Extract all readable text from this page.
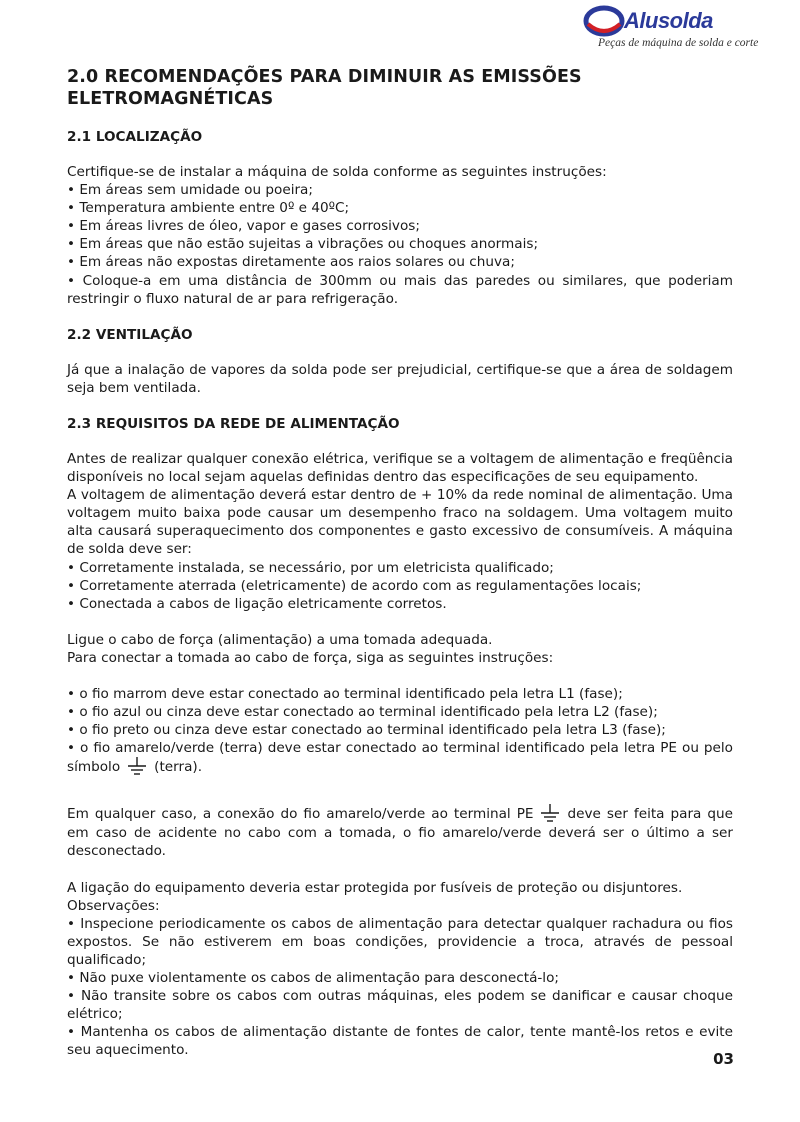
Alusolda
Peças de máquina de solda e corte
2.0 RECOMENDAÇÕES PARA DIMINUIR AS EMISSÕES ELETROMAGNÉTICAS
2.1 LOCALIZAÇÃO

Certifique-se de instalar a máquina de solda conforme as seguintes instruções:

• Em áreas sem umidade ou poeira;

• Temperatura ambiente entre 0º e 40ºC;

• Em áreas livres de óleo, vapor e gases corrosivos;

• Em áreas que não estão sujeitas a vibrações ou choques anormais;

• Em áreas não expostas diretamente aos raios solares ou chuva;

• Coloque-a em uma distância de 300mm ou mais das paredes ou similares, que poderiam restringir o fluxo natural de ar para refrigeração.

2.2 VENTILAÇÃO

Já que a inalação de vapores da solda pode ser prejudicial, certifique-se que a área de soldagem seja bem ventilada.

2.3 REQUISITOS DA REDE DE ALIMENTAÇÃO

Antes de realizar qualquer conexão elétrica, verifique se a voltagem de alimentação e freqüência disponíveis no local sejam aquelas definidas dentro das especificações de seu equipamento.

A voltagem de alimentação deverá estar dentro de + 10% da rede nominal de alimentação. Uma voltagem muito baixa pode causar um desempenho fraco na soldagem. Uma voltagem muito alta causará superaquecimento dos componentes e gasto excessivo de consumíveis. A máquina de solda deve ser:

• Corretamente instalada, se necessário, por um eletricista qualificado;

• Corretamente aterrada (eletricamente) de acordo com as regulamentações locais;

• Conectada a cabos de ligação eletricamente corretos.

Ligue o cabo de força (alimentação) a uma tomada adequada.

Para conectar a tomada ao cabo de força, siga as seguintes instruções:

• o fio marrom deve estar conectado ao terminal identificado pela letra L1 (fase);

• o fio azul ou cinza deve estar conectado ao terminal identificado pela letra L2 (fase);

• o fio preto ou cinza deve estar conectado ao terminal identificado pela letra L3 (fase);

• o fio amarelo/verde (terra) deve estar conectado ao terminal identificado pela letra PE ou pelo símbolo	(terra).

Em qualquer caso, a conexão do fio amarelo/verde ao terminal PE	deve ser feita para que em caso de acidente no cabo com a tomada, o fio amarelo/verde deverá ser o último a ser desconectado.

A ligação do equipamento deveria estar protegida por fusíveis de proteção ou disjuntores.

Observações:

• Inspecione periodicamente os cabos de alimentação para detectar qualquer rachadura ou fios expostos. Se não estiverem em boas condições, providencie a troca, através de pessoal qualificado;

• Não puxe violentamente os cabos de alimentação para desconectá-lo;

• Não transite sobre os cabos com outras máquinas, eles podem se danificar e causar choque elétrico;

• Mantenha os cabos de alimentação distante de fontes de calor, tente mantê-los retos e evite seu aquecimento.	03
